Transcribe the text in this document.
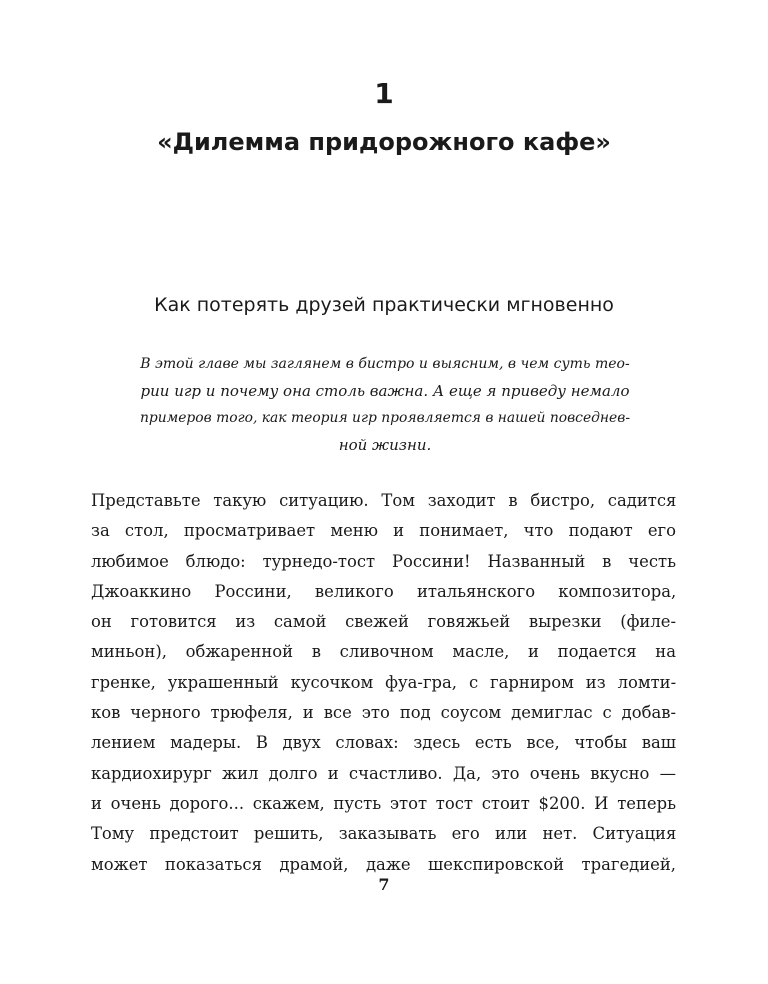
1
«Дилемма придорожного кафе»
Как потерять друзей практически мгновенно
В этой главе мы заглянем в бистро и выясним, в чем суть тео-
рии игр и почему она столь важна. А еще я приведу немало
примеров того, как теория игр проявляется в нашей повседнев-
ной жизни.
Представьте такую ситуацию. Том заходит в бистро, садится
за стол, просматривает меню и понимает, что подают его
любимое блюдо: турнедо-тост Россини! Названный в честь
Джоаккино Россини, великого итальянского композитора,
он готовится из самой свежей говяжьей вырезки (филе-
миньон), обжаренной в сливочном масле, и подается на
гренке, украшенный кусочком фуа-гра, с гарниром из ломти-
ков черного трюфеля, и все это под соусом демиглас с добав-
лением мадеры. В двух словах: здесь есть все, чтобы ваш
кардиохирург жил долго и счастливо. Да, это очень вкусно —
и очень дорого... скажем, пусть этот тост стоит $200. И теперь
Тому предстоит решить, заказывать его или нет. Ситуация
может показаться драмой, даже шекспировской трагедией,
7
